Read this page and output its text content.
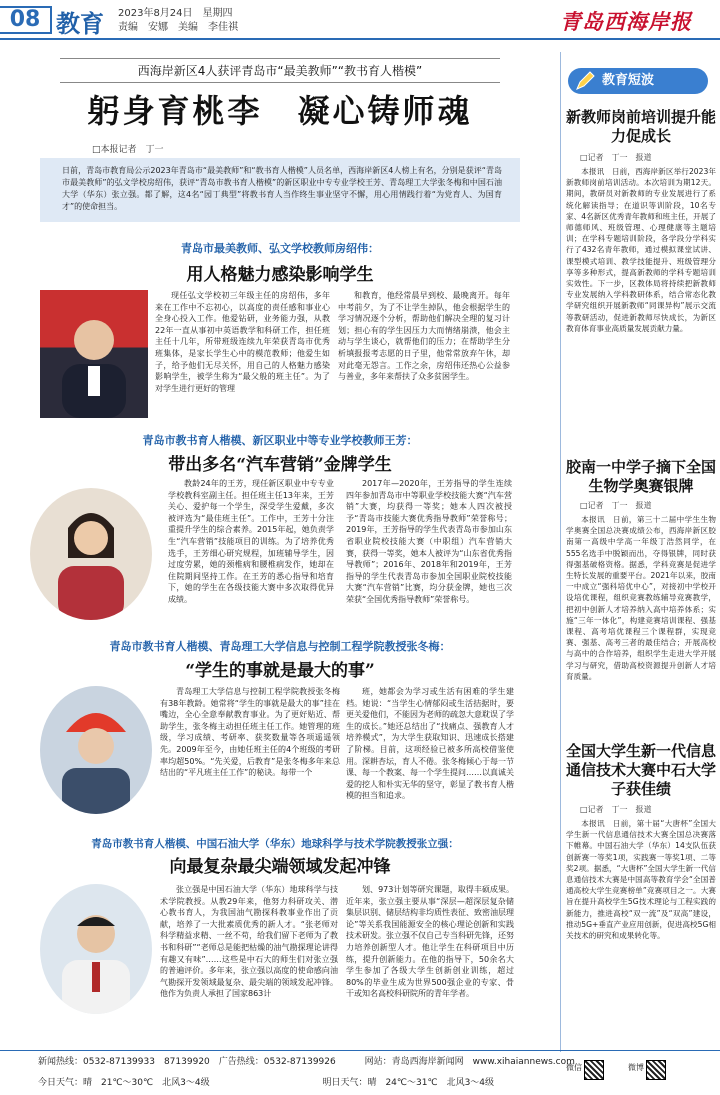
08 教育 2023年8月24日　星期四
责编　安娜　美编　李佳祺	青岛西海岸报
西海岸新区4人获评青岛市“最美教师”“教书育人楷模”
躬身育桃李　凝心铸师魂
□本报记者　丁一
日前，青岛市教育局公示2023年青岛市“最美教师”和“教书育人楷模”人员名单，西海岸新区4人榜上有名，分别是获评“青岛市最美教师”的弘文学校房绍伟，获评“青岛市教书育人楷模”的新区职业中专专业学校王芳、青岛理工大学张冬梅和中国石油大学（华东）张立强。都了解，这4名“园丁典型”将教书育人当作终生事业坚守不懈，用心用情践行着“为党育人、为国育才”的使命担当。
青岛市最美教师、弘文学校教师房绍伟：
用人格魅力感染影响学生
现任弘文学校初三年级主任的房绍伟，多年来在工作中不忘初心，以高度的责任感和事业心全身心投入工作。他爱钻研，业务能力强，从教22年一直从事初中英语教学和科研工作，担任班主任十几年，所带班级连续九年荣获青岛市优秀班集体，是家长学生心中的模范教师；他爱生如子，给予他们无尽关怀，用自己的人格魅力感染影响学生，被学生称为“最父般的班主任”。为了对学生进行更好的管理
和教育，他经常晨早到校、最晚离开。每年中考前夕，为了不让学生掉队，他会根据学生的学习情况逐个分析，帮助他们解决全理的复习计划；担心有的学生因压力大而情绪崩溃，他会主动与学生谈心，就帮他们的压力；在帮助学生分析填报报考志愿的日子里，他常常放弃午休，却对此毫无怨言。工作之余，房绍伟还热心公益参与善业，多年来帮扶了众多贫困学生。
青岛市教书育人楷模、新区职业中等专业学校教师王芳：
带出多名“汽车营销”金牌学生
教龄24年的王芳，现任新区职业中专专业学校教科室副主任。担任班主任13年来，王芳关心、爱护每一个学生，深受学生爱戴，多次被评选为“最佳班主任”。工作中，王芳十分注重提升学生的综合素养。2015年起，她负责学生“汽车营销”技能项目的训练。为了培养优秀选手，王芳细心研究规程，加班辅导学生，因过度劳累，她的颈椎病和腰椎病发作，她却在住院期间坚持工作。在王芳的悉心指导和培育下，她的学生在各级技能大赛中多次取得优异成绩。
2017年—2020年，王芳指导的学生连续四年参加青岛市中等职业学校技能大赛“汽车营销”大赛，均获得一等奖；她本人四次被授予“青岛市技能大赛优秀指导教师”荣誉称号；2019年，王芳指导的学生代表青岛市参加山东省职业院校技能大赛（中职组）汽车营销大赛，获得一等奖，她本人被评为“山东省优秀指导教师”；2016年、2018年和2019年，王芳指导的学生代表青岛市参加全国职业院校技能大赛“汽车营销”比赛，均分获金牌，她也三次荣获“全国优秀指导教师”荣誉称号。
青岛市教书育人楷模、青岛理工大学信息与控制工程学院教授张冬梅：
“学生的事就是最大的事”
青岛理工大学信息与控制工程学院教授张冬梅有38年教龄。她常将“学生的事就是最大的事”挂在嘴边，全心全意奉献教育事业。为了更好贴近、帮助学生，张冬梅主动担任班主任工作。她管理的班级，学习成绩、考研率、获奖数量等各项遥遥领先。2009年至今，由她任班主任的4个班级的考研率均超50%。“先关爱，后教育”是张冬梅多年来总结出的“平凡班主任工作”的秘诀。每带一个
班，她都会为学习或生活有困难的学生建档。她说：“当学生心情郁闷或生活拮据时，要更关爱他们，不能因为老师的疏忽大意耽误了学生的成长。”她还总结出了“找痛点、强教育人才培养模式”，为大学生获取知识、迅速成长搭建了阶梯。目前，这项经验已被多所高校借鉴使用。深耕杏坛，育人不倦。张冬梅倾心于每一节课、每一个教案、每一个学生提问……以真诚关爱的挖人和朴实无华的坚守，彰显了教书育人楷模的担当和追求。
青岛市教书育人楷模、中国石油大学（华东）地球科学与技术学院教授张立强：
向最复杂最尖端领域发起冲锋
张立强是中国石油大学（华东）地球科学与技术学院教授。从教29年来，他努力科研攻关、潜心教书育人，为我国油气勘探科教事业作出了贡献，培养了一大批素质优秀的新人才。“张老师对科学精益求精、一丝不苟，给我们留下老师为了教书和科研”“老师总是能把枯燥的油气勘探理论讲得有趣又有味”……这些是中石大的师生们对张立强的普遍评价。多年来，张立强以高度的使命感向油气勘探开发领域最复杂、最尖端的领域发起冲锋。他作为负责人承担了国家863计
划、973计划等研究课题，取得丰硕成果。近年来，张立强主要从事“深层—超深层复杂储集层识别、储层结构非均质性表征、致密油层理论”等关系我国能源安全的核心理论创新和实践技术研发。张立强不仅自己专当科研先锋，还努力培养创新型人才。他让学生在科研项目中历练，提升创新能力。在他的指导下，50余名大学生参加了各级大学生创新创业训练，超过80%的毕业生成为世界500强企业的专家、骨干或知名高校科研院所的青年学者。
教育短波
新教师岗前培训提升能力促成长
□记者　丁一　报道
本报讯　日前，西海岸新区举行2023年新教师岗前培训活动。本次培训为期12天。期间，教研员对新教师的专业发展进行了系统化解读指导；在道识等训阶段，10名专家、4名新区优秀青年教师和班主任，开展了师德师风、班级管理、心理健康等主题培训；在学科专题培训阶段，各学段分学科实行了432名青年教师，通过模拟课堂试讲、课型模式培训、教学技能提升、班级管理分享等多种形式，提高新教师的学科专题培训实效性。下一步，区教体局将持续把新教师专业发展纳入学科教研体系，结合常态化教学研究组织开展新教师“同课异构”展示交流等教研活动，促进新教师尽快成长，为新区教育体育事业高质量发展贡献力量。
胶南一中学子摘下全国生物学奥赛银牌
□记者　丁一　报道
本报讯　日前，第三十二届中学生生物学奥赛全国总决赛成绩公布，西海岸新区胶南第一高级中学高一年级丁浩然同学，在555名选手中脱颖而出，夺得银牌，同时获得强基破格资格。据悉，学科竞赛是促进学生特长发展的重要平台。2021年以来，胶南一中成立“强科培优中心”，对接初中学校开设培优课程，组织竞赛教练辅导竞赛教学，把初中创新人才培养纳入高中培养体系；实施“三年一体化”，构建竞赛培训课程、强基课程、高考培优课程三个课程群，实现竞赛、强基、高考三者的最佳结合；开展高校与高中的合作培养，组织学生走进大学开展学习与研究，借助高校资源提升创新人才培育质量。
全国大学生新一代信息通信技术大赛中石大学子获佳绩
□记者　丁一　报道
本报讯　日前，第十届“大唐杯”全国大学生新一代信息通信技术大赛全国总决赛落下帷幕。中国石油大学（华东）14支队伍获创新赛一等奖1项，实践赛一等奖1项、二等奖2项。据悉，“大唐杯”全国大学生新一代信息通信技术大赛是中国高等教育学会“全国普通高校大学生竞赛榜单”竞赛项目之一。大赛旨在提升高校学生5G技术理论与工程实践的新能力，推进高校“双一流”及“双高”建设，推动5G+垂直产业应用创新，促进高校5G相关技术的研究和成果转化等。
新闻热线：0532-87139933　87139920　广告热线：0532-87139926	网站：青岛西海岸新闻网　www.xihaiannews.com
今日天气：晴　21℃～30℃　北风3～4级	明日天气：晴　24℃～31℃　北风3～4级
微信	微博
